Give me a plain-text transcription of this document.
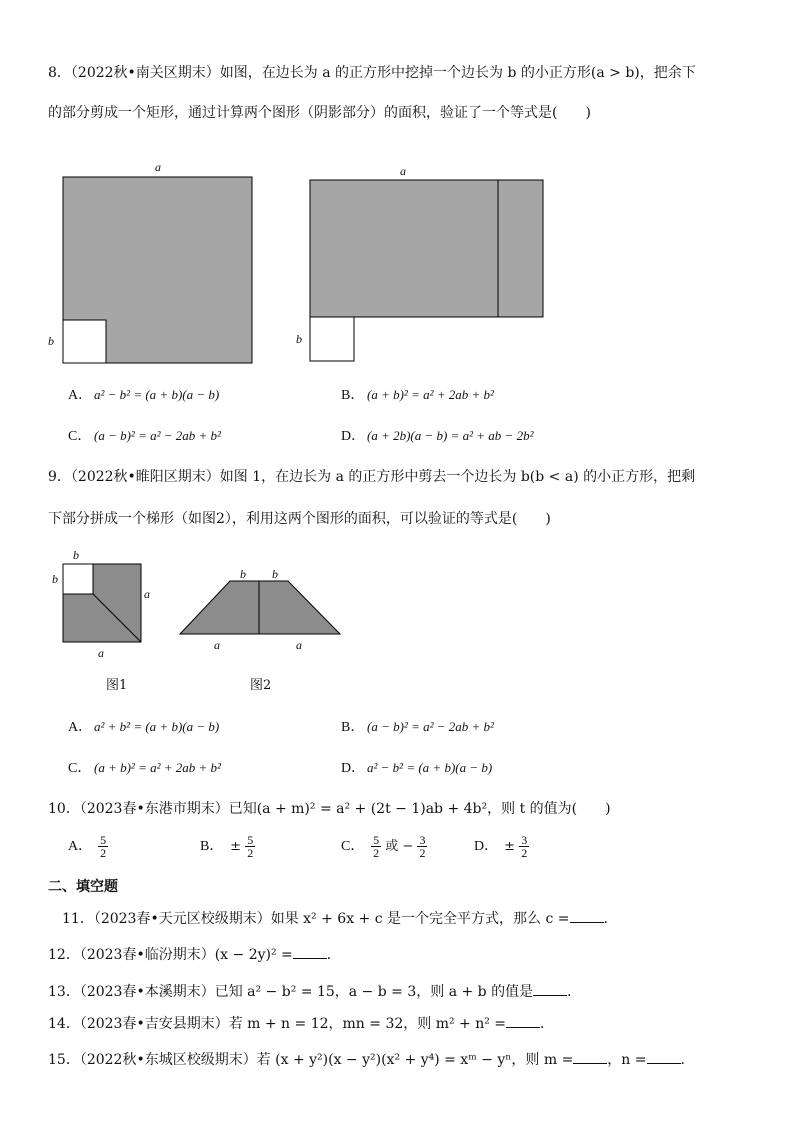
8．（2022秋•南关区期末）如图，在边长为 a 的正方形中挖掉一个边长为 b 的小正方形(a > b)，把余下
的部分剪成一个矩形，通过计算两个图形（阴影部分）的面积，验证了一个等式是(　　)
a
b
a
b
A． a² − b² = (a + b)(a − b)	B． (a + b)² = a² + 2ab + b²
C． (a − b)² = a² − 2ab + b²	D． (a + 2b)(a − b) = a² + ab − 2b²
9．（2022秋•睢阳区期末）如图 1，在边长为 a 的正方形中剪去一个边长为 b(b < a) 的小正方形，把剩
下部分拼成一个梯形（如图2），利用这两个图形的面积，可以验证的等式是(　　)
b
b
a
a
图1
b b
a	a
图2
A． a² + b² = (a + b)(a − b)	B． (a − b)² = a² − 2ab + b²
C． (a + b)² = a² + 2ab + b²	D． a² − b² = (a + b)(a − b)
10．（2023春•东港市期末）已知(a + m)² = a² + (2t − 1)ab + 4b²，则 t 的值为(　　)
A． $\frac{5}{2}$	B． ± $\frac{5}{2}$	C． $\frac{5}{2}$ 或 − $\frac{3}{2}$	D． ± $\frac{3}{2}$
二、填空题
11．（2023春•天元区校级期末）如果 x² + 6x + c 是一个完全平方式，那么 c = ．
12．（2023春•临汾期末）(x − 2y)² = ．
13．（2023春•本溪期末）已知 a² − b² = 15，a − b = 3，则 a + b 的值是 ．
14．（2023春•吉安县期末）若 m + n = 12，mn = 32，则 m² + n² = ．
15．（2022秋•东城区校级期末）若 (x + y²)(x − y²)(x² + y⁴) = xᵐ − yⁿ，则 m = ，n = ．
